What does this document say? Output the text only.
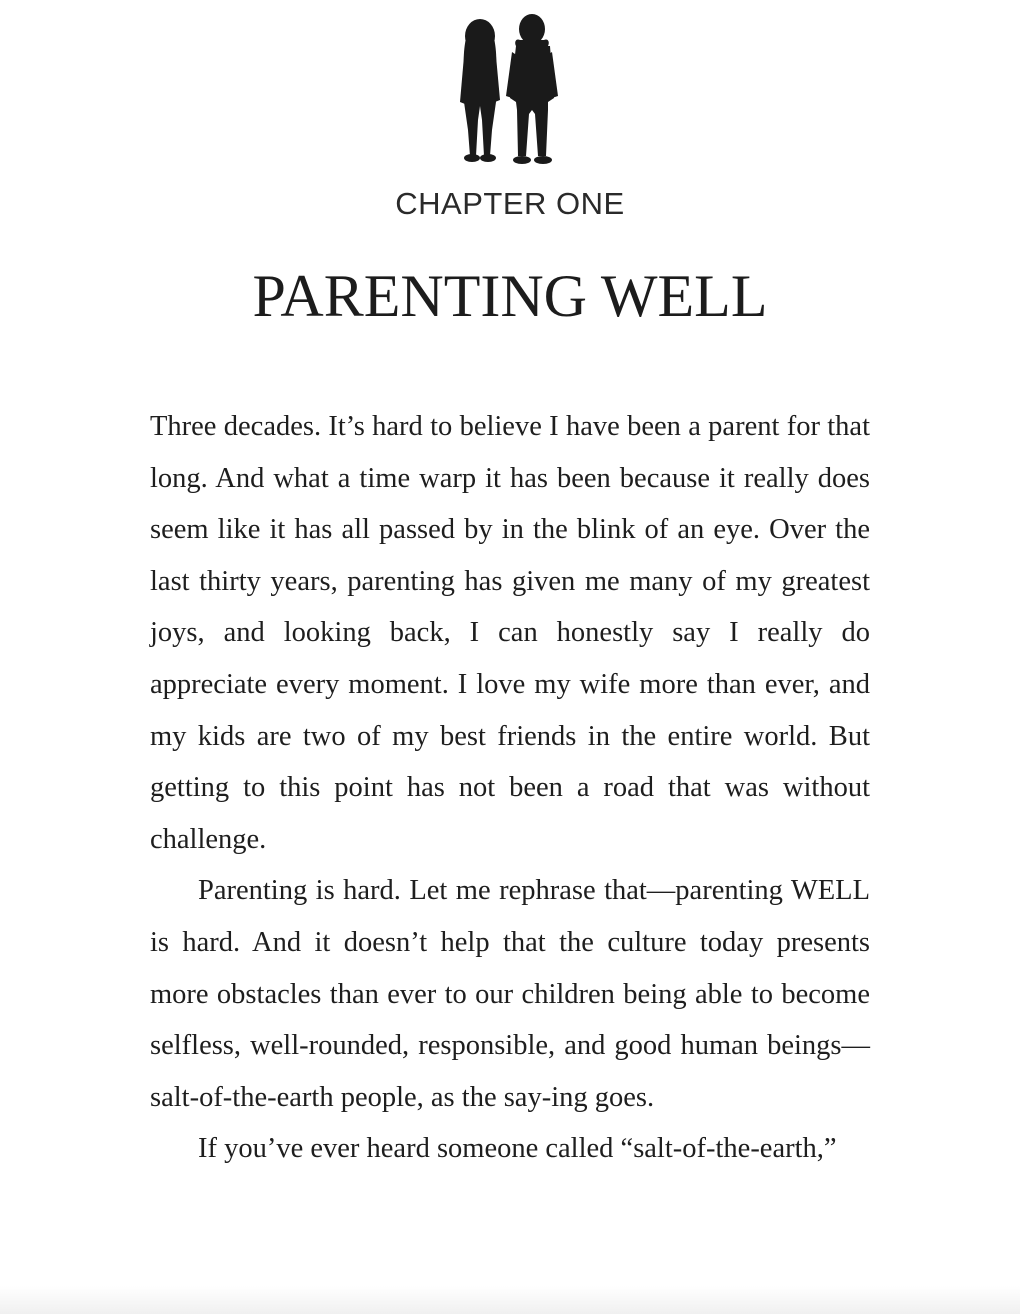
CHAPTER ONE
PARENTING WELL

Three decades. It’s hard to believe I have been a parent for that long. And what a time warp it has been because it really does seem like it has all passed by in the blink of an eye. Over the last thirty years, parenting has given me many of my greatest joys, and looking back, I can honestly say I really do appreciate every moment. I love my wife more than ever, and my kids are two of my best friends in the entire world. But getting to this point has not been a road that was without challenge.

Parenting is hard. Let me rephrase that—parenting WELL is hard. And it doesn’t help that the culture today presents more obstacles than ever to our children being able to become selfless, well-rounded, responsible, and good human beings—salt-of-the-earth people, as the say-ing goes.

If you’ve ever heard someone called “salt-of-the-earth,”
